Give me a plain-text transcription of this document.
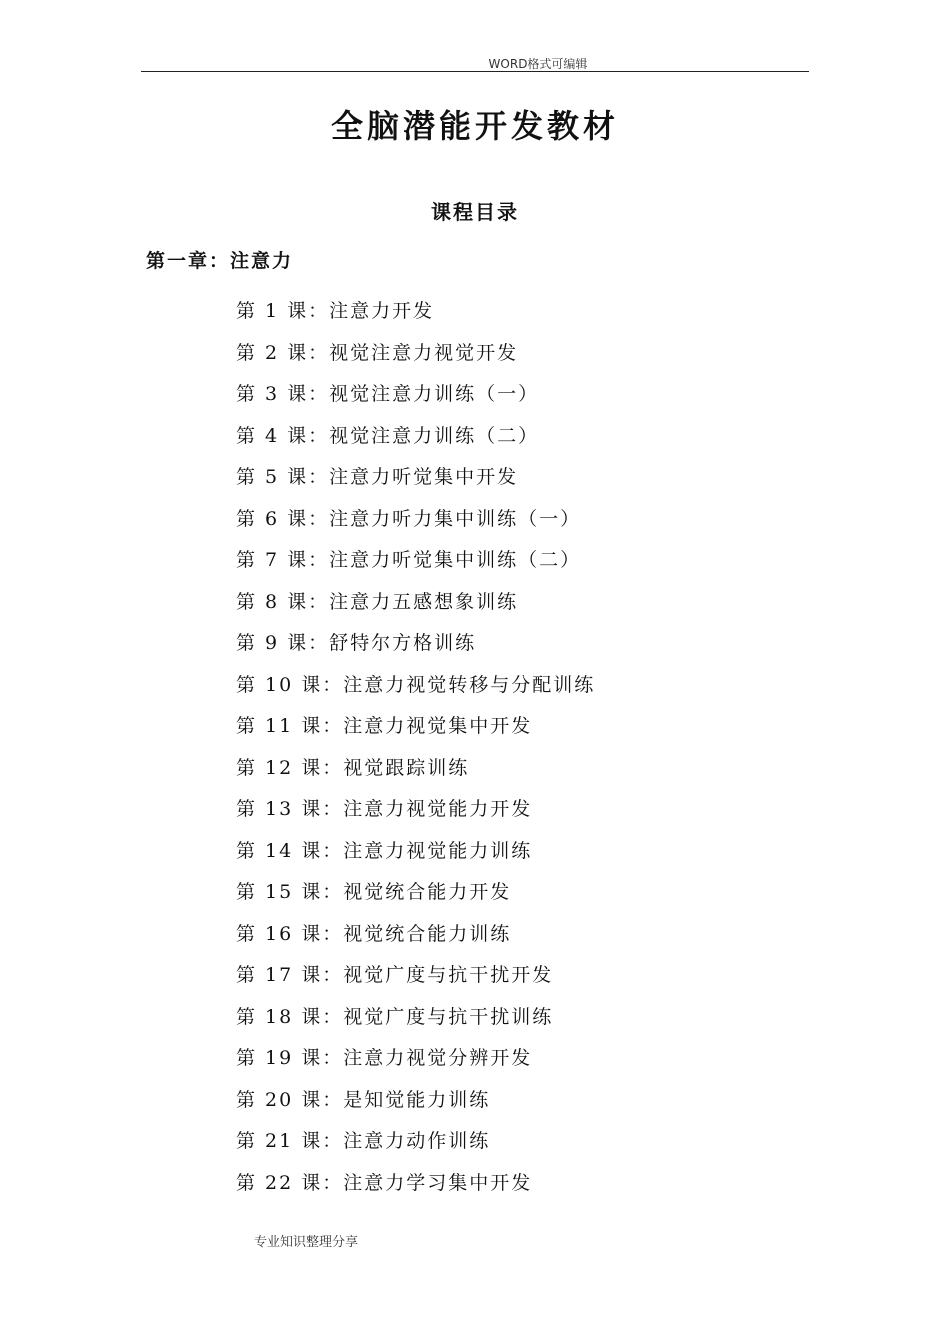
WORD格式可编辑
全脑潜能开发教材
课程目录
第一章：注意力
第 1 课：注意力开发
第 2 课：视觉注意力视觉开发
第 3 课：视觉注意力训练（一）
第 4 课：视觉注意力训练（二）
第 5 课：注意力听觉集中开发
第 6 课：注意力听力集中训练（一）
第 7 课：注意力听觉集中训练（二）
第 8 课：注意力五感想象训练
第 9 课：舒特尔方格训练
第 10 课：注意力视觉转移与分配训练
第 11 课：注意力视觉集中开发
第 12 课：视觉跟踪训练
第 13 课：注意力视觉能力开发
第 14 课：注意力视觉能力训练
第 15 课：视觉统合能力开发
第 16 课：视觉统合能力训练
第 17 课：视觉广度与抗干扰开发
第 18 课：视觉广度与抗干扰训练
第 19 课：注意力视觉分辨开发
第 20 课：是知觉能力训练
第 21 课：注意力动作训练
第 22 课：注意力学习集中开发
专业知识整理分享
